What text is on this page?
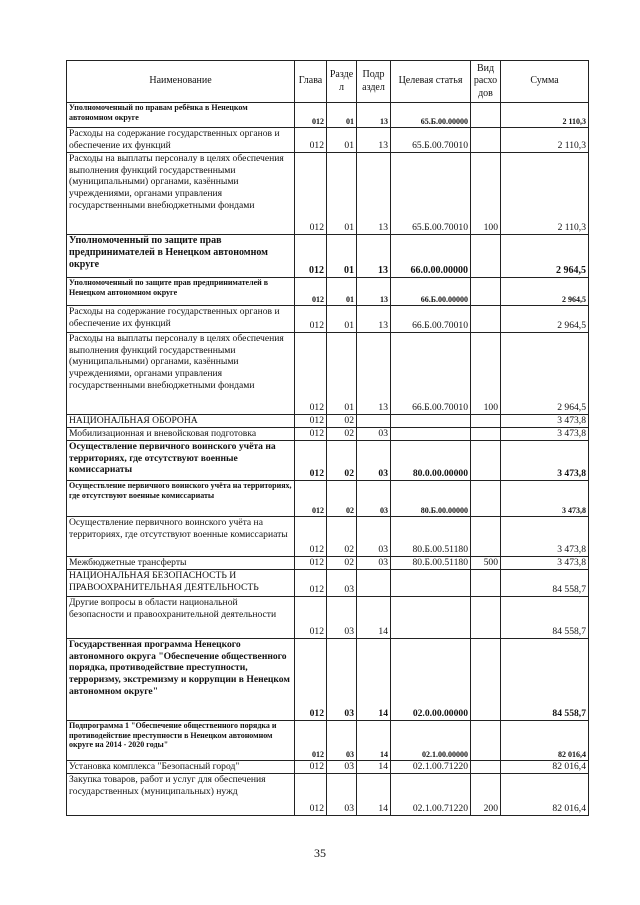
Наименование	Глава	Разде л	Подр аздел	Целевая статья	Вид расхо дов	Сумма
Уполномоченный по правам ребёнка в Ненецком автономном округе	012	01	13	65.Б.00.00000		2 110,3
Расходы на содержание государственных органов и обеспечение их функций	012	01	13	65.Б.00.70010		2 110,3
Расходы на выплаты персоналу в целях обеспечения выполнения функций государственными (муниципальными) органами, казёнными учреждениями, органами управления государственными внебюджетными фондами	012	01	13	65.Б.00.70010	100	2 110,3
Уполномоченный по защите прав предпринимателей в Ненецком автономном округе	012	01	13	66.0.00.00000		2 964,5
Уполномоченный по защите прав предпринимателей в Ненецком автономном округе	012	01	13	66.Б.00.00000		2 964,5
Расходы на содержание государственных органов и обеспечение их функций	012	01	13	66.Б.00.70010		2 964,5
Расходы на выплаты персоналу в целях обеспечения выполнения функций государственными (муниципальными) органами, казёнными учреждениями, органами управления государственными внебюджетными фондами	012	01	13	66.Б.00.70010	100	2 964,5
НАЦИОНАЛЬНАЯ ОБОРОНА	012	02				3 473,8
Мобилизационная и вневойсковая подготовка	012	02	03			3 473,8
Осуществление первичного воинского учёта на территориях, где отсутствуют военные комиссариаты	012	02	03	80.0.00.00000		3 473,8
Осуществление первичного воинского учёта на территориях, где отсутствуют военные комиссариаты	012	02	03	80.Б.00.00000		3 473,8
Осуществление первичного воинского учёта на территориях, где отсутствуют военные комиссариаты	012	02	03	80.Б.00.51180		3 473,8
Межбюджетные трансферты	012	02	03	80.Б.00.51180	500	3 473,8
НАЦИОНАЛЬНАЯ БЕЗОПАСНОСТЬ И ПРАВООХРАНИТЕЛЬНАЯ ДЕЯТЕЛЬНОСТЬ	012	03				84 558,7
Другие вопросы в области национальной безопасности и правоохранительной деятельности	012	03	14			84 558,7
Государственная программа Ненецкого автономного округа "Обеспечение общественного порядка, противодействие преступности, терроризму, экстремизму и коррупции в Ненецком автономном округе"	012	03	14	02.0.00.00000		84 558,7
Подпрограмма 1 "Обеспечение общественного порядка и противодействие преступности в Ненецком автономном округе на 2014 - 2020 годы"	012	03	14	02.1.00.00000		82 016,4
Установка комплекса "Безопасный город"	012	03	14	02.1.00.71220		82 016,4
Закупка товаров, работ и услуг для обеспечения государственных (муниципальных) нужд	012	03	14	02.1.00.71220	200	82 016,4
35
